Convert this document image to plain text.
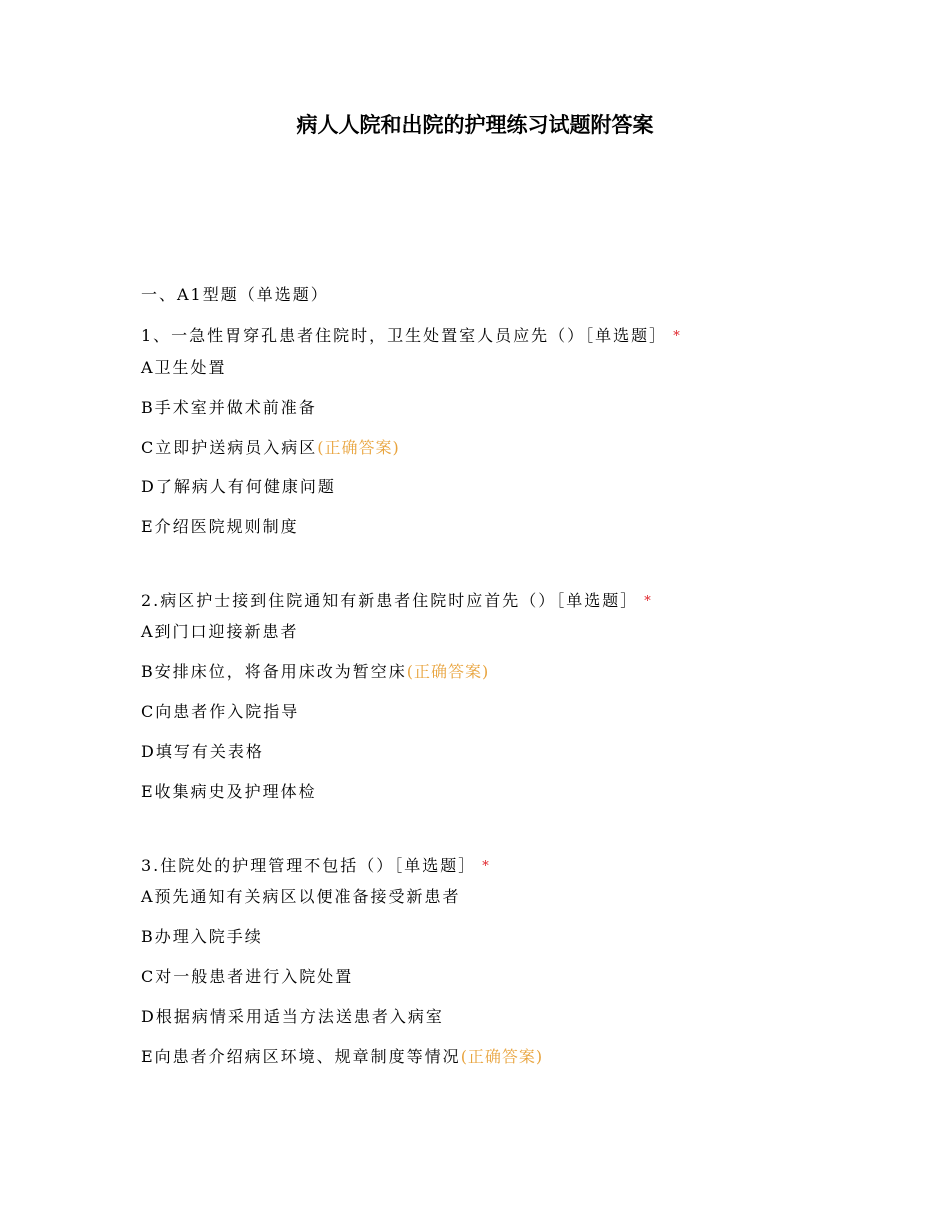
病人人院和出院的护理练习试题附答案
一、A1型题（单选题）
1、一急性胃穿孔患者住院时，卫生处置室人员应先（）［单选题］ *
A卫生处置
B手术室并做术前准备
C立即护送病员入病区(正确答案)
D了解病人有何健康问题
E介绍医院规则制度
2.病区护士接到住院通知有新患者住院时应首先（）［单选题］ *
A到门口迎接新患者
B安排床位，将备用床改为暂空床(正确答案)
C向患者作入院指导
D填写有关表格
E收集病史及护理体检
3.住院处的护理管理不包括（）［单选题］ *
A预先通知有关病区以便准备接受新患者
B办理入院手续
C对一般患者进行入院处置
D根据病情采用适当方法送患者入病室
E向患者介绍病区环境、规章制度等情况(正确答案)
